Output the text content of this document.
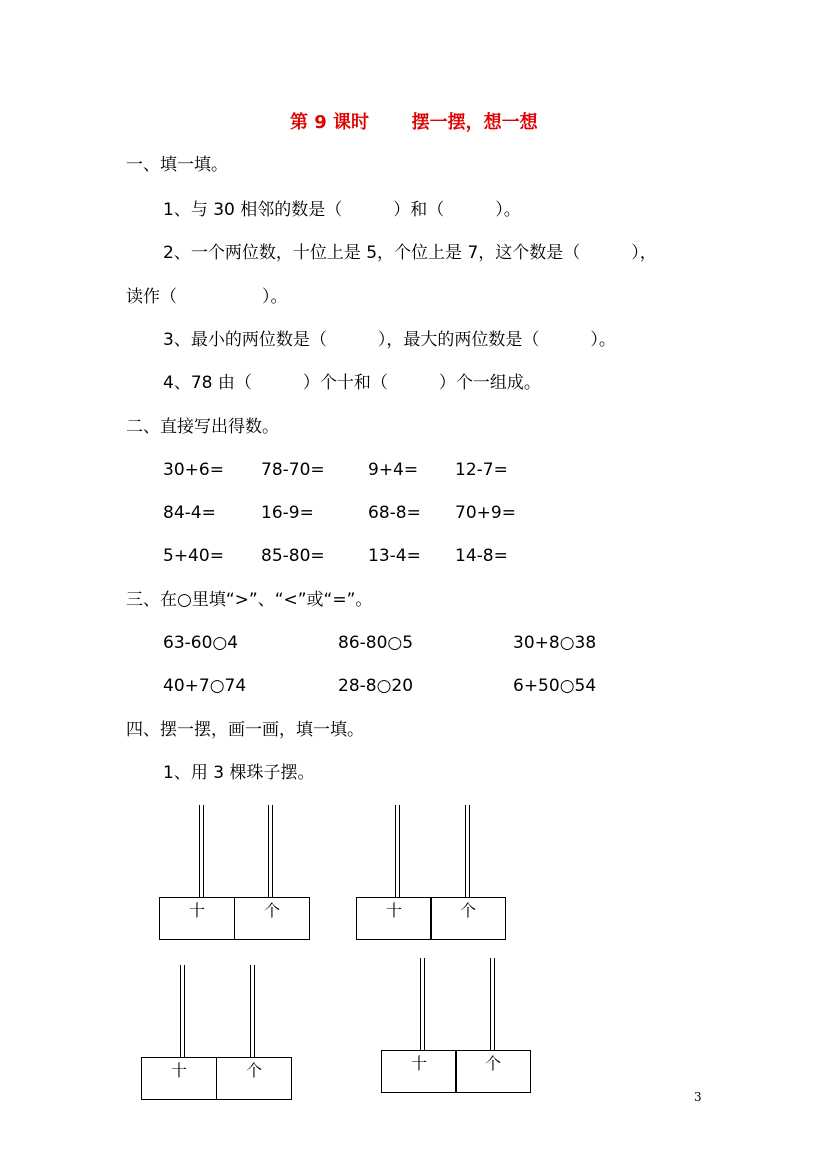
第 9 课时 摆一摆，想一想
一、填一填。
1、与 30 相邻的数是（　　　）和（　　　）。
2、一个两位数，十位上是 5，个位上是 7，这个数是（　　　），
读作（　　　　　）。
3、最小的两位数是（　　　），最大的两位数是（　　　）。
4、78 由（　　　）个十和（　　　）个一组成。
二、直接写出得数。
30+6= 78-70=	9+4= 12-7=
84-4=	16-9=	68-8= 70+9=
5+40= 85-80=	13-4= 14-8=
三、在○里填“>”、“<”或“=”。
63-60○4	86-80○5	30+8○38
40+7○74	28-8○20	6+50○54
四、摆一摆，画一画，填一填。
1、用 3 棵珠子摆。
十	个	十	个
十	个	十	个
3
